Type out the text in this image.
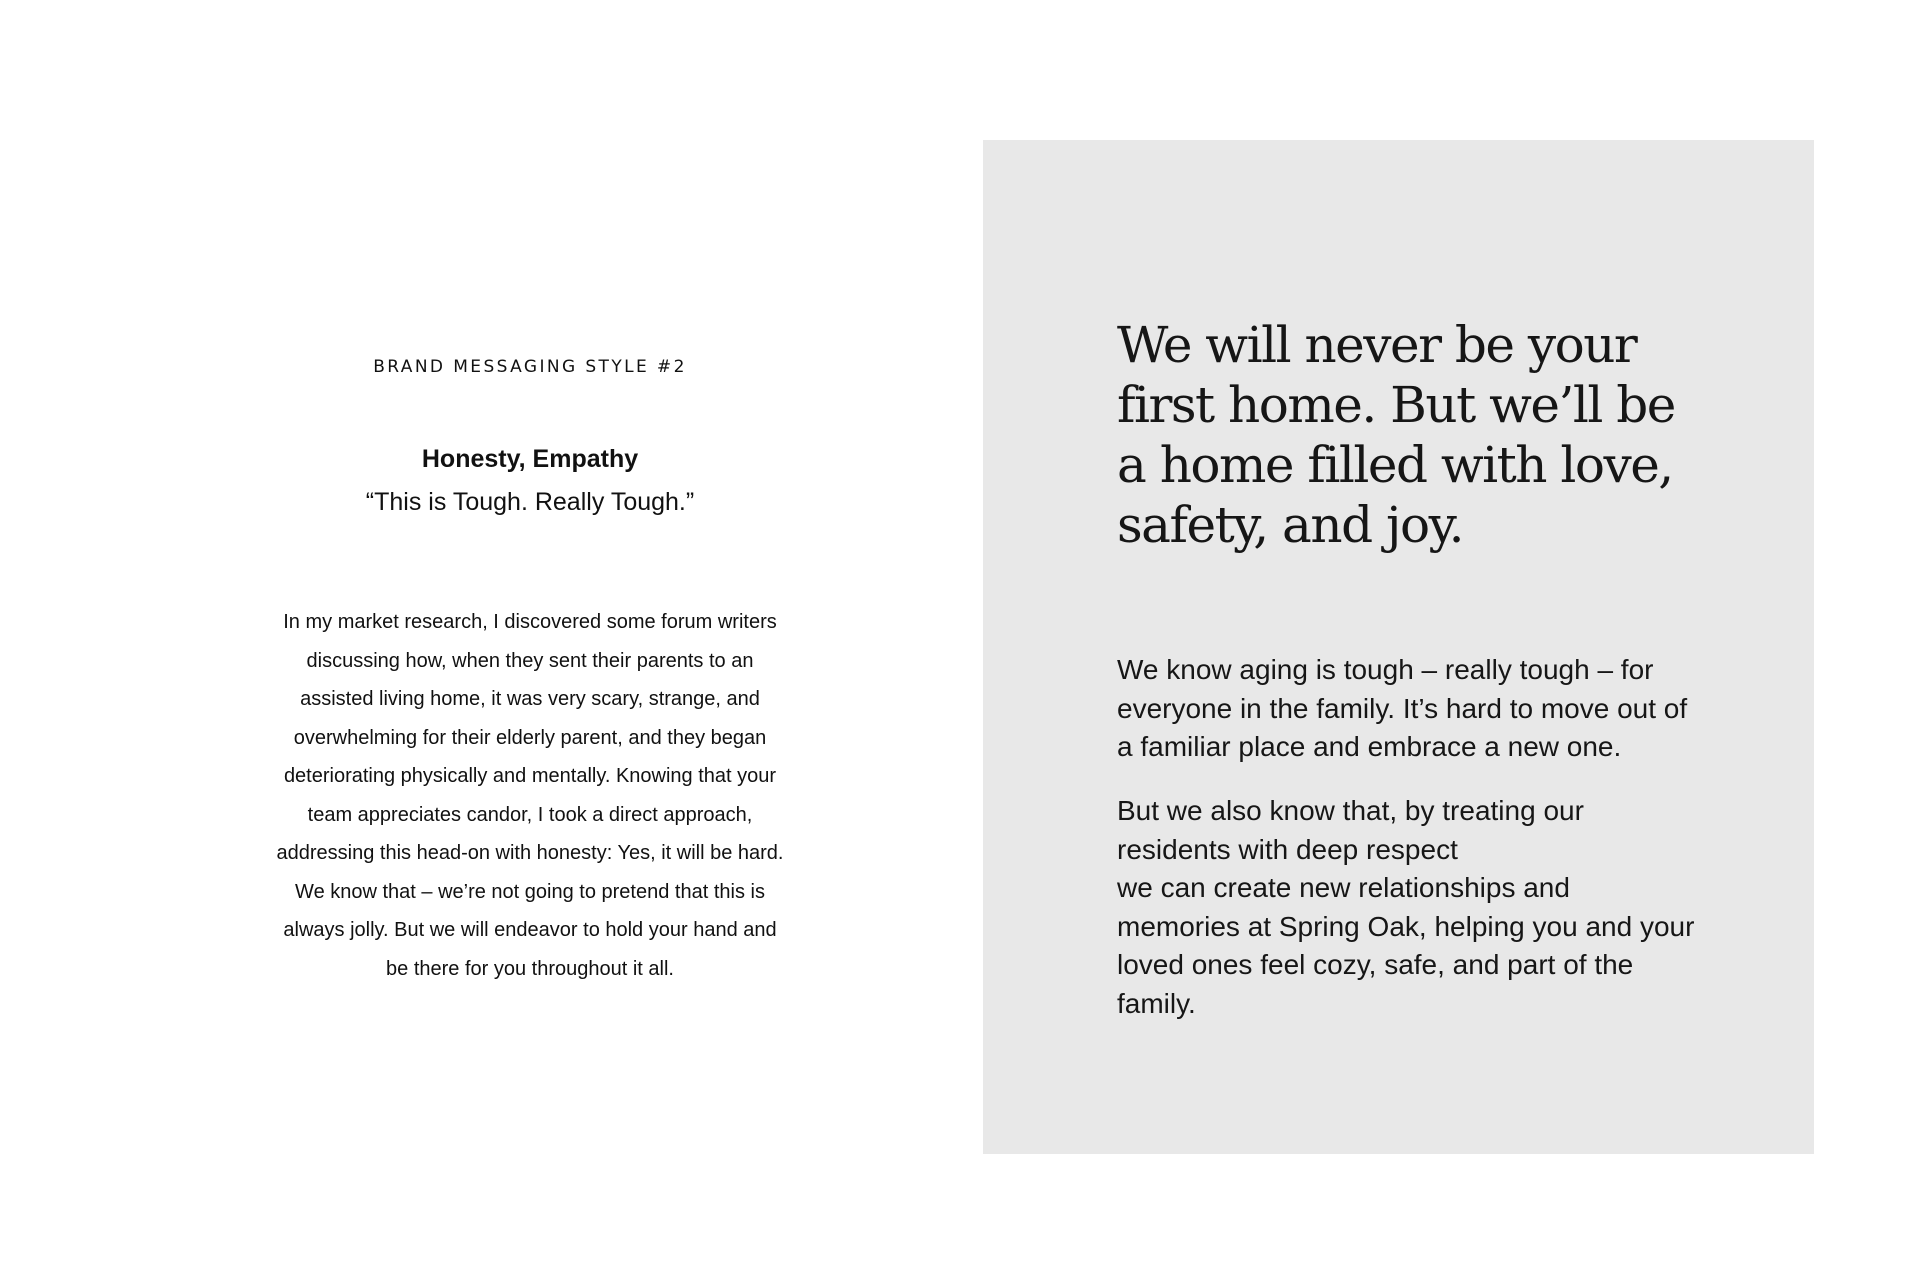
BRAND MESSAGING STYLE #2

Honesty, Empathy

“This is Tough. Really Tough.”

In my market research, I discovered some forum writers discussing how, when they sent their parents to an assisted living home, it was very scary, strange, and overwhelming for their elderly parent, and they began deteriorating physically and mentally. Knowing that your team appreciates candor, I took a direct approach, addressing this head-on with honesty: Yes, it will be hard. We know that – we’re not going to pretend that this is always jolly. But we will endeavor to hold your hand and be there for you throughout it all.

We will never be your first home. But we’ll be a home filled with love, safety, and joy.

We know aging is tough – really tough – for everyone in the family. It’s hard to move out of a familiar place and embrace a new one.

But we also know that, by treating our residents with deep respect
we can create new relationships and memories at Spring Oak, helping you and your loved ones feel cozy, safe, and part of the family.
